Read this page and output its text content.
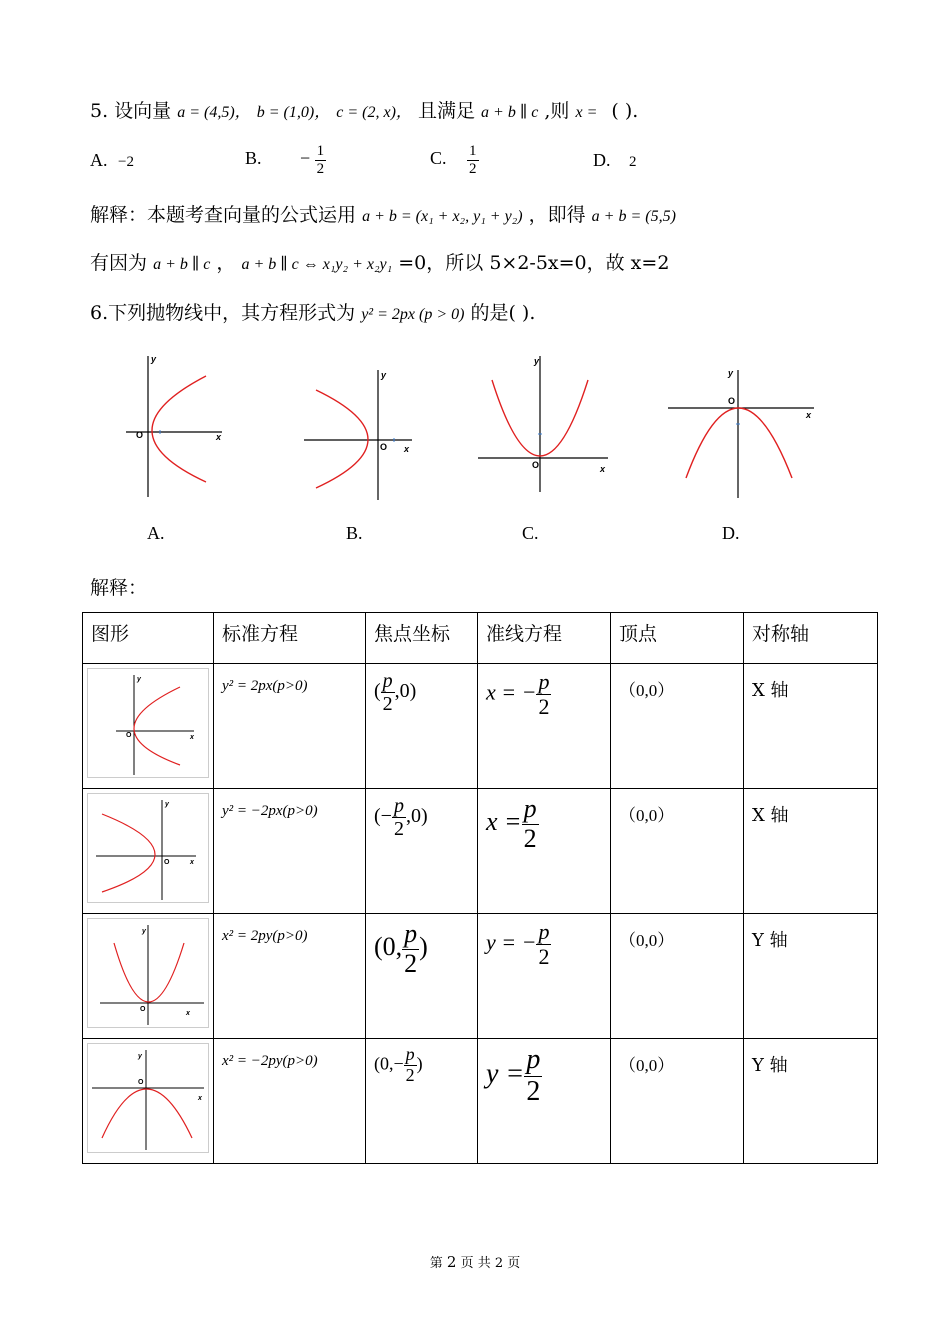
5. 设向量 a = (4,5)， b = (1,0)， c = (2, x)， 且满足 a + b ∥ c ,则 x = ( ).
A. −2	B. − $\frac{1}{2}$	C. $\frac{1}{2}$	D. 2
解释：本题考查向量的公式运用 a + b = (x₁ + x₂, y₁ + y₂) ，即得 a + b = (5,5)
有因为 a + b ∥ c ， a + b ∥ c ⇔ x₁y₂ + x₂y₁ =0，所以 5×2-5x=0，故 x=2
6.下列抛物线中，其方程形式为 y² = 2px (p > 0) 的是( ).
O	x
y
O x
y
O	x
y
O
x
y
A.	B.	C.	D.
解释：
图形	标准方程	焦点坐标	准线方程	顶点	对称轴

O x
y	y² = 2px(p>0)	( $\frac{p}{2} ,0$)	x = − $\frac{p}{2}$	（0,0）	X 轴

O x
y	y² = −2px(p>0)	(− $\frac{p}{2} ,0$)	$x = \frac{p}{2}$	（0,0）	X 轴

O
x
y	x² = 2py(p>0)	(0, $\frac{p}{2}$ )	y = − $\frac{p}{2}$	（0,0）	Y 轴

O
x
y	x² = −2py(p>0)	($0,- \frac{p}{2}$ )	$y = \frac{p}{2}$	（0,0）	Y 轴
第 2 页 共 2 页
